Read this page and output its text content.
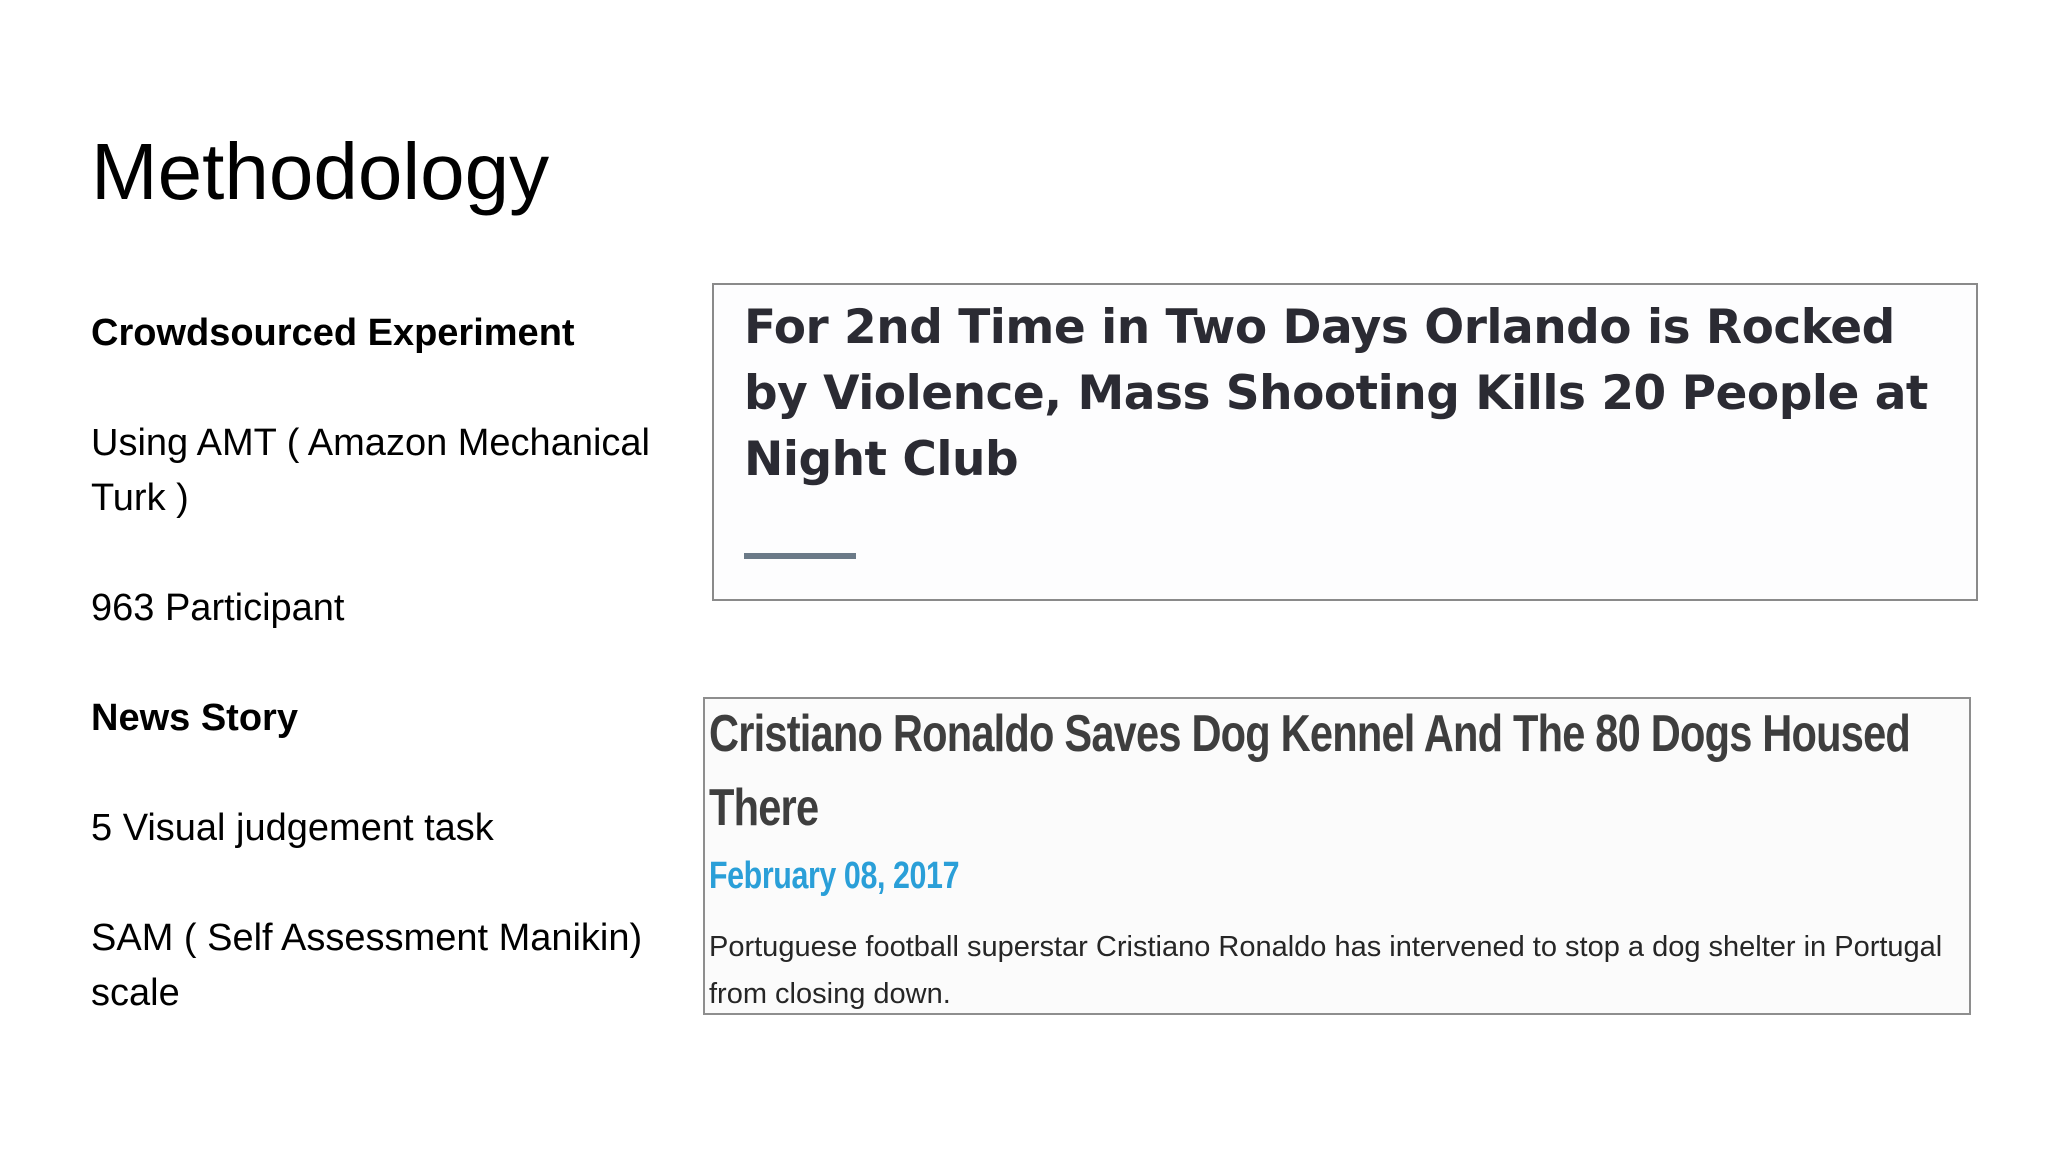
Methodology

Crowdsourced Experiment

Using AMT ( Amazon Mechanical Turk )

963 Participant

News Story

5 Visual judgement task

SAM ( Self Assessment Manikin) scale

For 2nd Time in Two Days Orlando is Rocked by Violence, Mass Shooting Kills 20 People at Night Club

Cristiano Ronaldo Saves Dog Kennel And The 80 Dogs Housed There

February 08, 2017

Portuguese football superstar Cristiano Ronaldo has intervened to stop a dog shelter in Portugal from closing down.
